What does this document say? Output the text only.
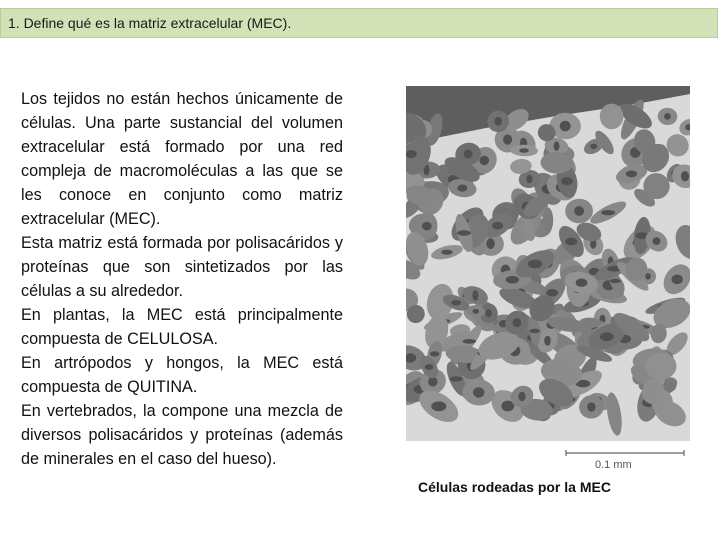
1. Define qué es la matriz extracelular (MEC).

Los tejidos no están hechos únicamente de células. Una parte sustancial del volumen extracelular está formado por una red compleja de macromoléculas a las que se les conoce en conjunto como matriz extracelular (MEC).

Esta matriz está formada por polisacáridos y proteínas que son sintetizados por las células a su alrededor.

En plantas, la MEC está principalmente compuesta de CELULOSA.

En artrópodos y hongos, la MEC está compuesta de QUITINA.

En vertebrados, la compone una mezcla de diversos polisacáridos y proteínas (además de minerales en el caso del hueso).	0.1 mm
Células rodeadas por la MEC
